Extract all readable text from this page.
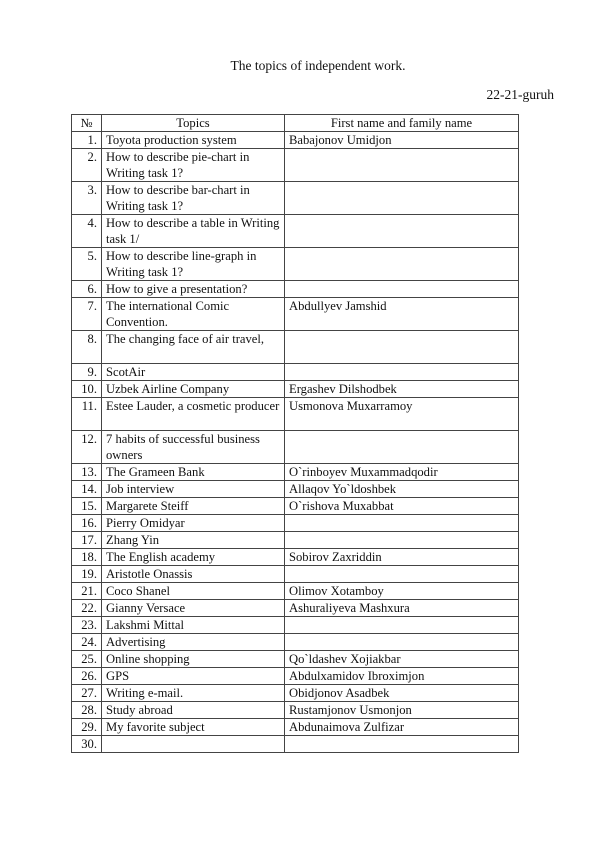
The topics of independent work.
22-21-guruh
№	Topics	First name and family name
1.	Toyota production system	Babajonov Umidjon
2.	How to describe pie-chart in Writing task 1?	
3.	How to describe bar-chart in Writing task 1?	
4.	How to describe a table in Writing task 1/	
5.	How to describe line-graph in Writing task 1?	
6.	How to give a presentation?	
7.	The international Comic Convention.	Abdullyev Jamshid
8.	The changing face of air travel,	
9.	ScotAir	
10.	Uzbek Airline Company	Ergashev Dilshodbek
11.	Estee Lauder, a cosmetic producer	Usmonova Muxarramoy
12.	7 habits of successful business owners	
13.	The Grameen Bank	O`rinboyev Muxammadqodir
14.	Job interview	Allaqov Yo`ldoshbek
15.	Margarete Steiff	O`rishova Muxabbat
16.	Pierry Omidyar	
17.	Zhang Yin	
18.	The English academy	Sobirov Zaxriddin
19.	Aristotle Onassis	
21.	Coco Shanel	Olimov Xotamboy
22.	Gianny Versace	Ashuraliyeva Mashxura
23.	Lakshmi Mittal	
24.	Advertising	
25.	Online shopping	Qo`ldashev Xojiakbar
26.	GPS	Abdulxamidov Ibroximjon
27.	Writing e-mail.	Obidjonov Asadbek
28.	Study abroad	Rustamjonov Usmonjon
29.	My favorite subject	Abdunaimova Zulfizar
30.		
